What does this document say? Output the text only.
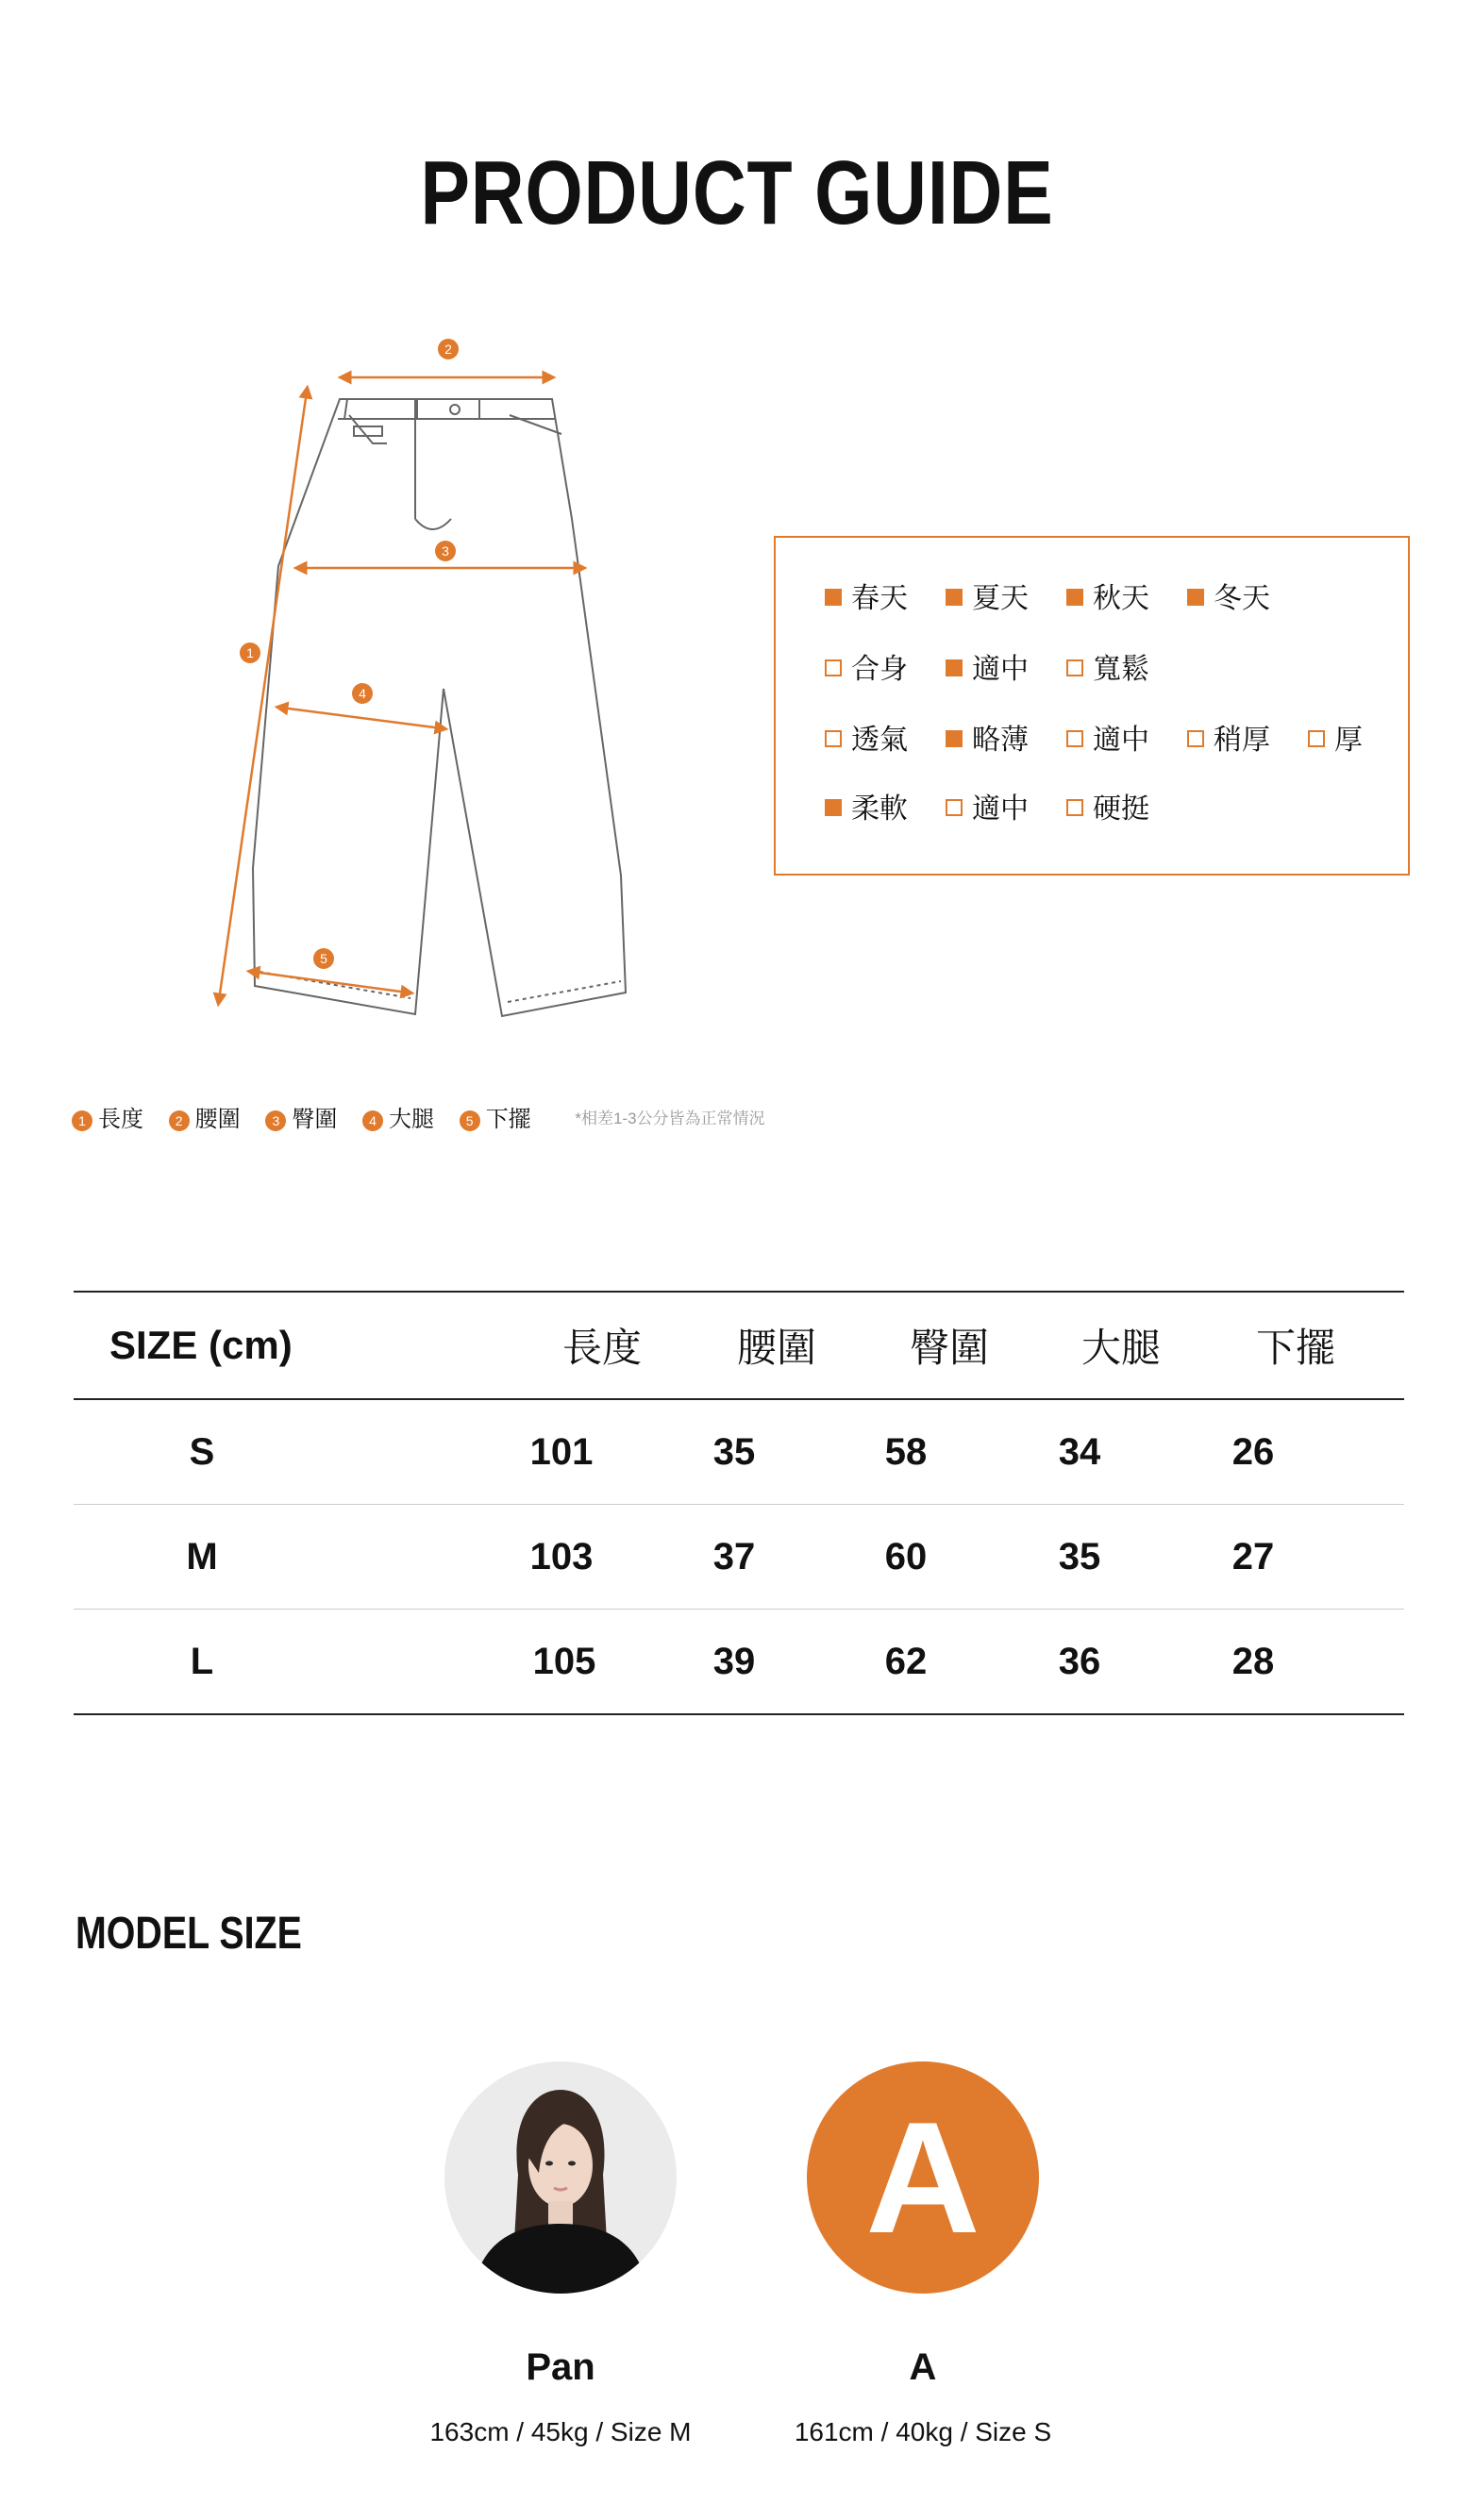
PRODUCT GUIDE
2
1
3
4
5
春天	夏天	秋天	冬天
合身	適中	寬鬆
透氣	略薄	適中	稍厚	厚
柔軟	適中	硬挺
1 長度 2 腰圍 3 臀圍 4 大腿 5 下擺	*相差1-3公分皆為正常情況
SIZE (cm)	長度	腰圍	臀圍	大腿	下擺
S	101	35	58	34	26
M	103	37	60	35	27
L	105	39	62	36	28
MODEL SIZE
Pan
163cm / 45kg / Size M
A
A
161cm / 40kg / Size S
